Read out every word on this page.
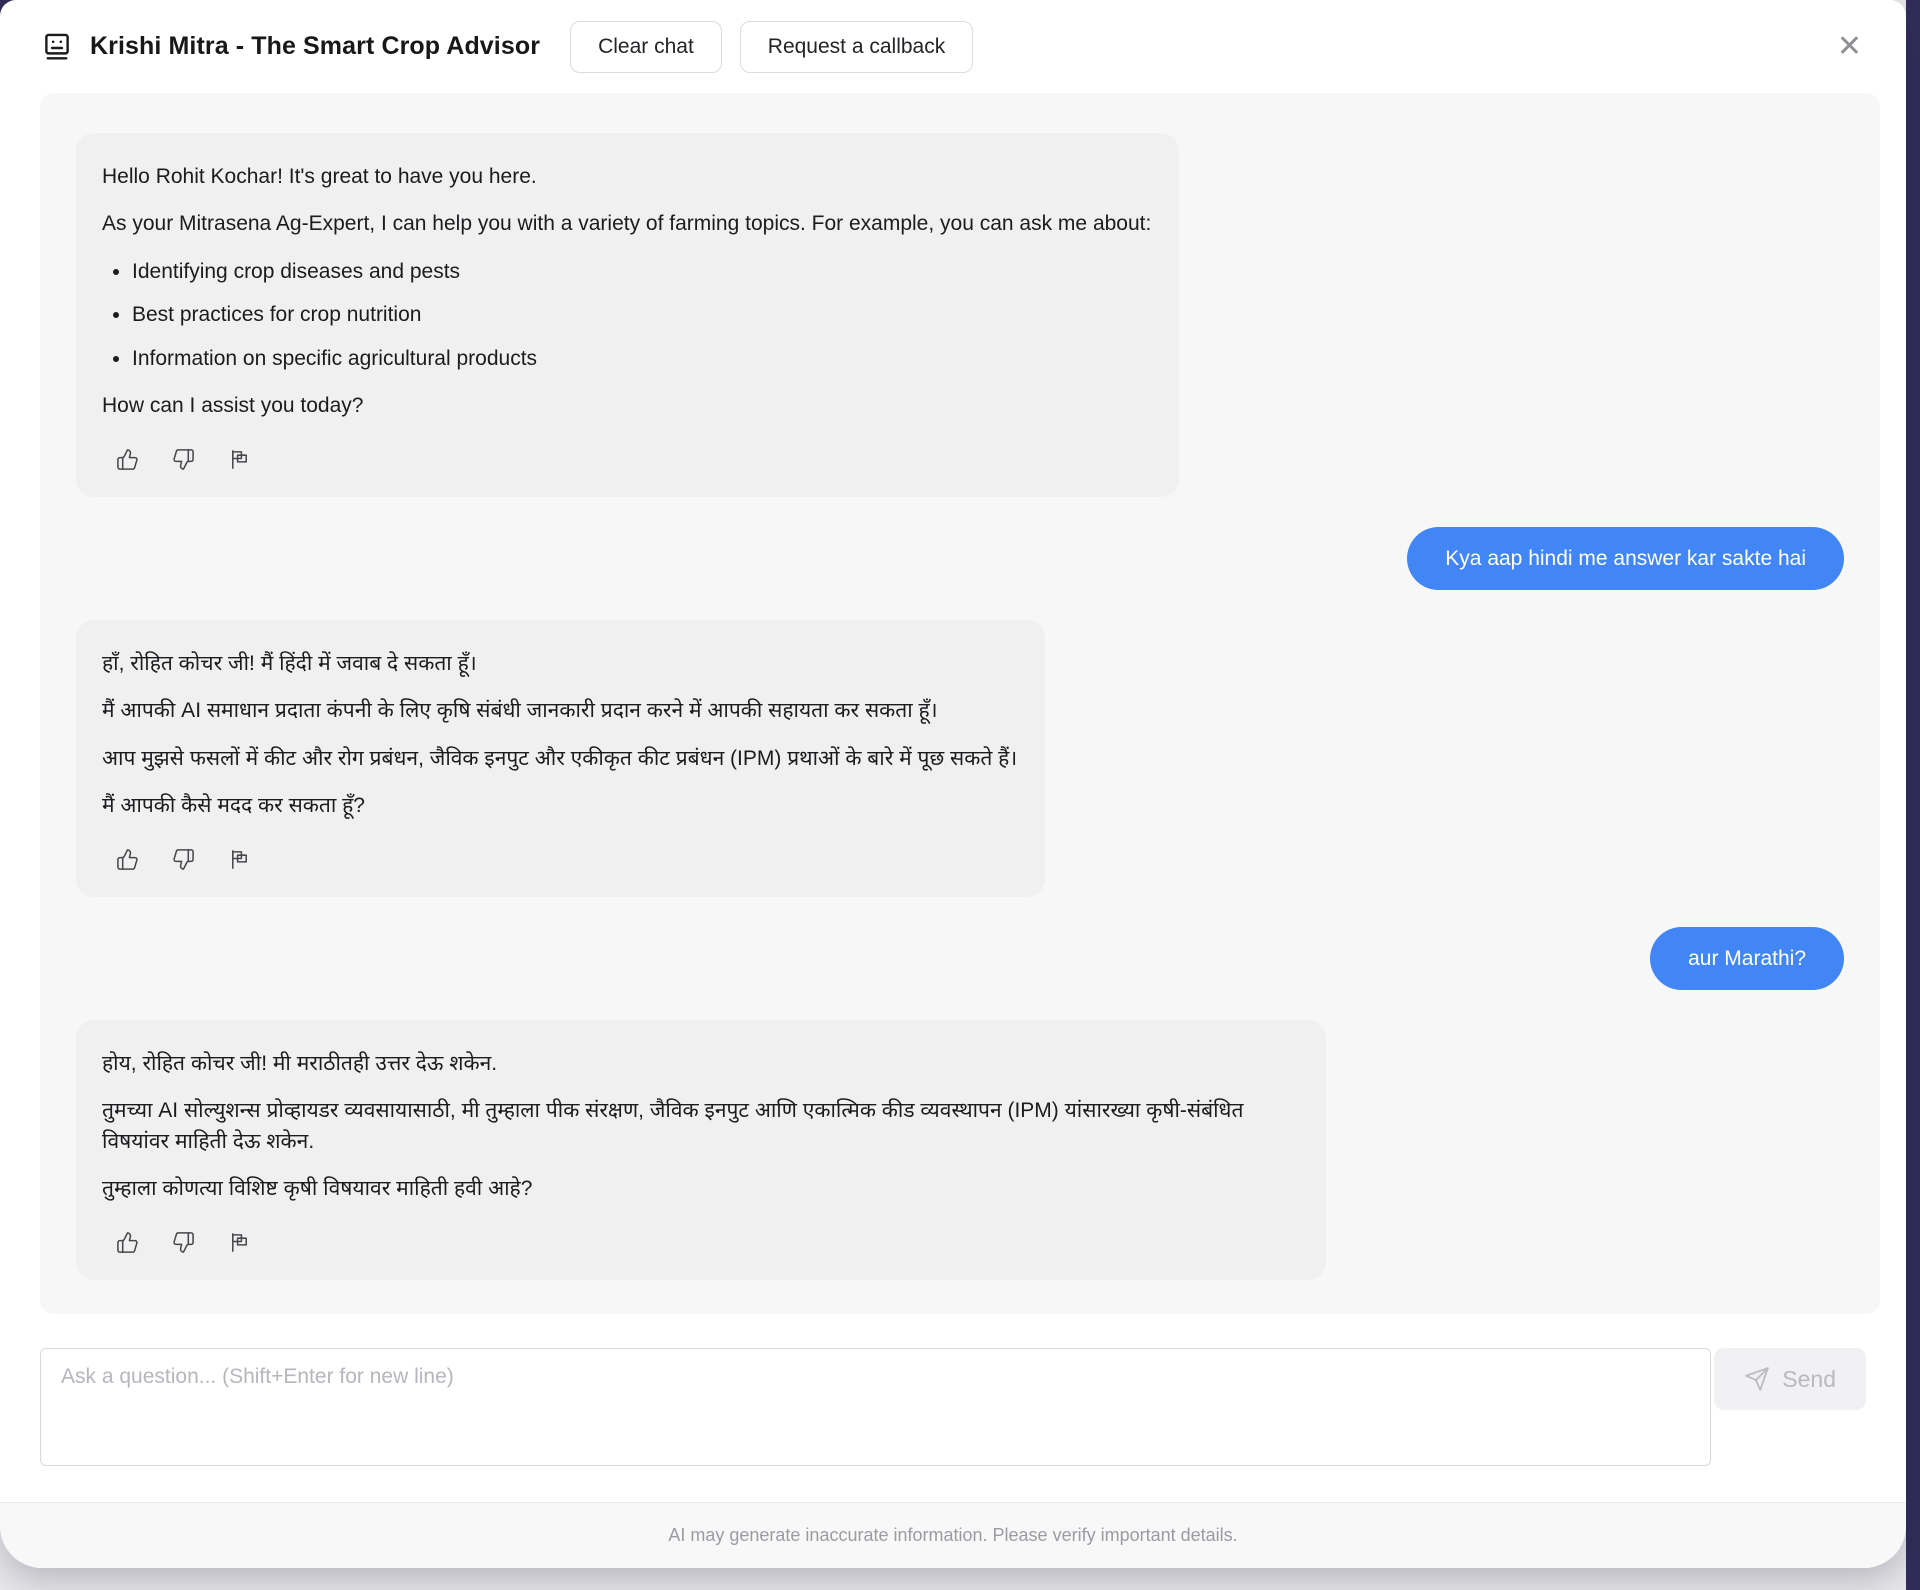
Krishi Mitra - The Smart Crop Advisor	Clear chat	Request a callback	✕

Hello Rohit Kochar! It's great to have you here.

As your Mitrasena Ag-Expert, I can help you with a variety of farming topics. For example, you can ask me about:

• Identifying crop diseases and pests
• Best practices for crop nutrition
• Information on specific agricultural products

How can I assist you today?

Kya aap hindi me answer kar sakte hai

हाँ, रोहित कोचर जी! मैं हिंदी में जवाब दे सकता हूँ।

मैं आपकी AI समाधान प्रदाता कंपनी के लिए कृषि संबंधी जानकारी प्रदान करने में आपकी सहायता कर सकता हूँ।

आप मुझसे फसलों में कीट और रोग प्रबंधन, जैविक इनपुट और एकीकृत कीट प्रबंधन (IPM) प्रथाओं के बारे में पूछ सकते हैं।

मैं आपकी कैसे मदद कर सकता हूँ?

aur Marathi?

होय, रोहित कोचर जी! मी मराठीतही उत्तर देऊ शकेन.

तुमच्या AI सोल्युशन्स प्रोव्हायडर व्यवसायासाठी, मी तुम्हाला पीक संरक्षण, जैविक इनपुट आणि एकात्मिक कीड व्यवस्थापन (IPM) यांसारख्या कृषी-संबंधित विषयांवर माहिती देऊ शकेन.

तुम्हाला कोणत्या विशिष्ट कृषी विषयावर माहिती हवी आहे?

Ask a question... (Shift+Enter for new line)
Send
AI may generate inaccurate information. Please verify important details.
